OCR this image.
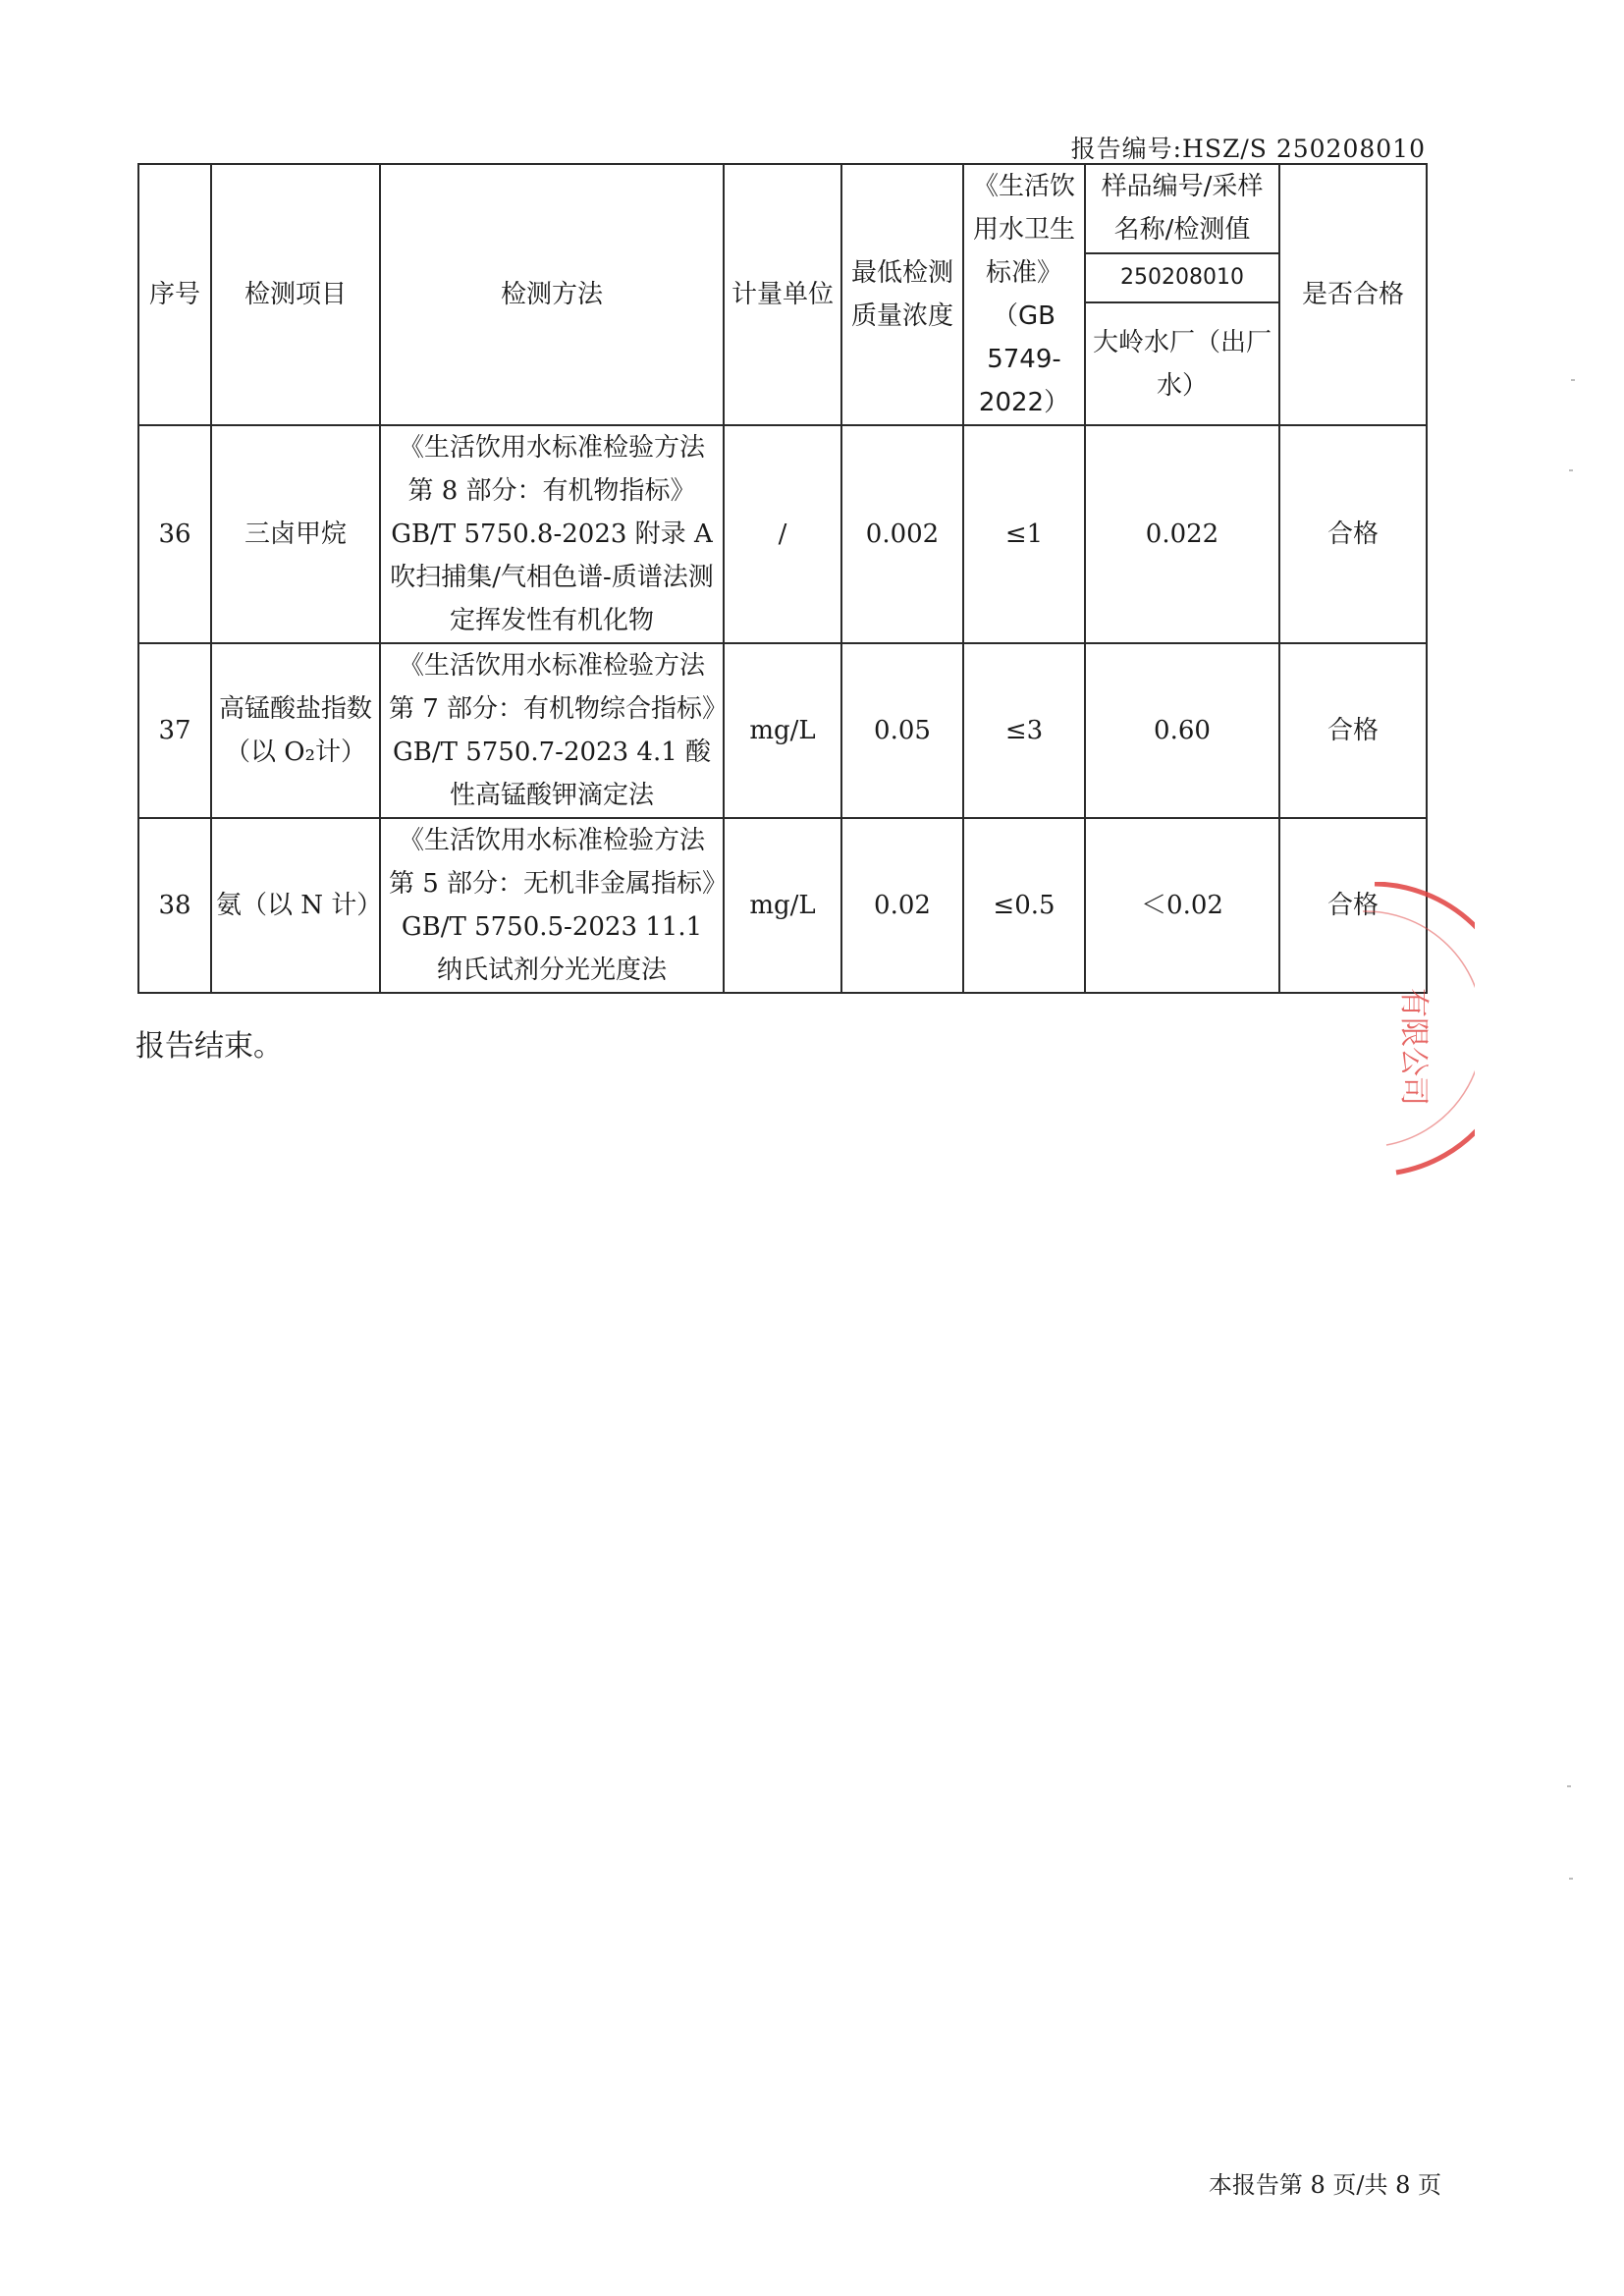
报告编号:HSZ/S 250208010
序号	检测项目	检测方法	计量单位	最低检测质量浓度	《生活饮用水卫生标准》（GB 5749-2022）	样品编号/采样名称/检测值	是否合格
						250208010	
						大岭水厂（出厂水）	
36	三卤甲烷	《生活饮用水标准检验方法 第 8 部分：有机物指标》GB/T 5750.8-2023 附录 A 吹扫捕集/气相色谱-质谱法测定挥发性有机化物	/	0.002	≤1	0.022	合格
37	高锰酸盐指数（以 O₂计）	《生活饮用水标准检验方法 第 7 部分：有机物综合指标》GB/T 5750.7-2023 4.1 酸性高锰酸钾滴定法	mg/L	0.05	≤3	0.60	合格
38	氨（以 N 计）	《生活饮用水标准检验方法 第 5 部分：无机非金属指标》GB/T 5750.5-2023 11.1 纳氏试剂分光光度法	mg/L	0.02	≤0.5	＜0.02	合格
报告结束。	有限公司
本报告第 8 页/共 8 页
